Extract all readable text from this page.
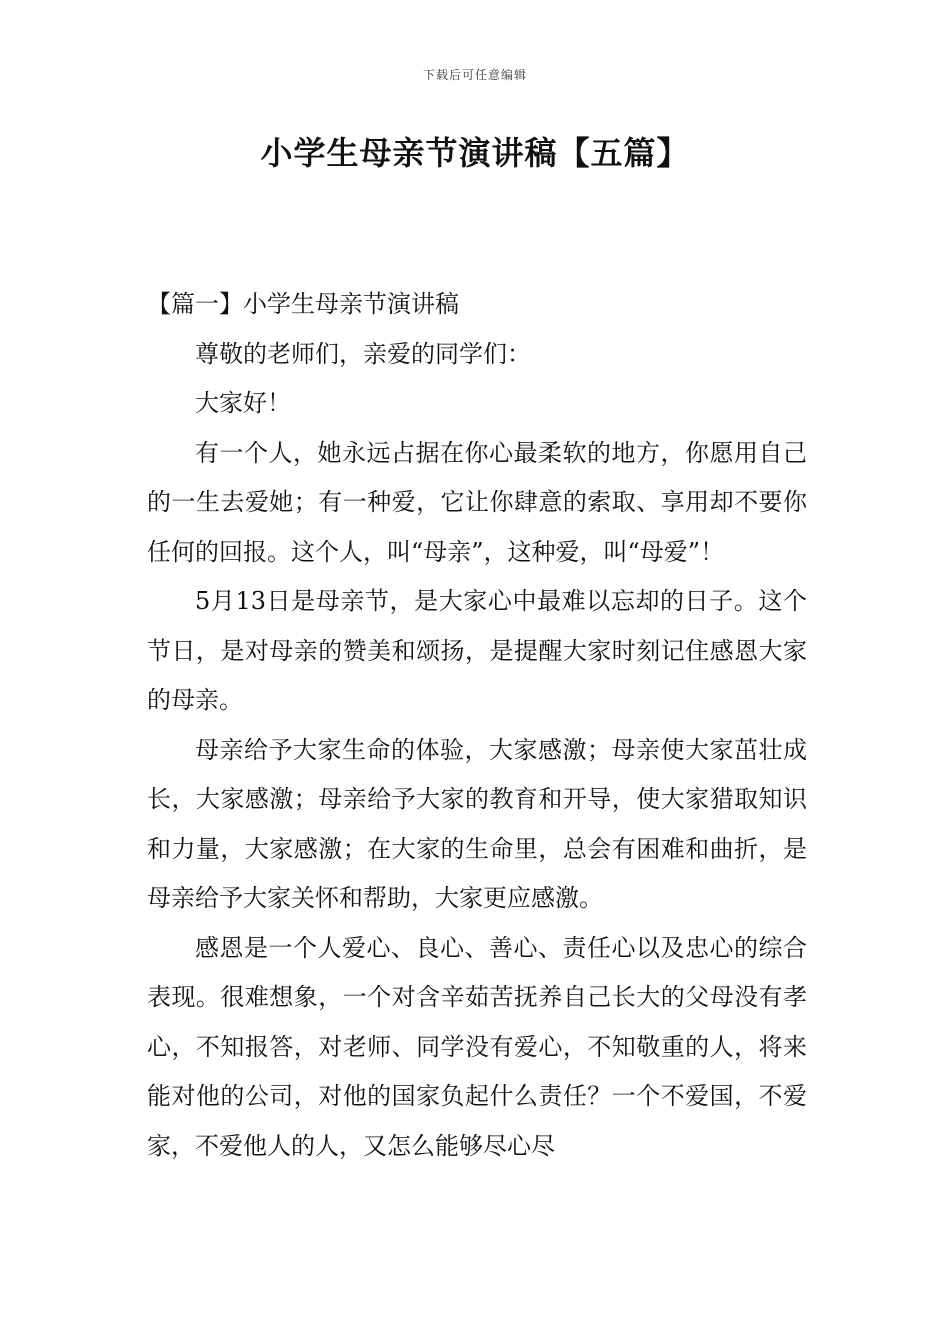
下载后可任意编辑
小学生母亲节演讲稿【五篇】

【篇一】小学生母亲节演讲稿

尊敬的老师们，亲爱的同学们：

大家好！

有一个人，她永远占据在你心最柔软的地方，你愿用自己的一生去爱她；有一种爱，它让你肆意的索取、享用却不要你任何的回报。这个人，叫“母亲”，这种爱，叫“母爱”！

5月13日是母亲节，是大家心中最难以忘却的日子。这个节日，是对母亲的赞美和颂扬，是提醒大家时刻记住感恩大家的母亲。

母亲给予大家生命的体验，大家感激；母亲使大家茁壮成长，大家感激；母亲给予大家的教育和开导，使大家猎取知识和力量，大家感激；在大家的生命里，总会有困难和曲折，是母亲给予大家关怀和帮助，大家更应感激。

感恩是一个人爱心、良心、善心、责任心以及忠心的综合表现。很难想象，一个对含辛茹苦抚养自己长大的父母没有孝心，不知报答，对老师、同学没有爱心，不知敬重的人，将来能对他的公司，对他的国家负起什么责任？一个不爱国，不爱家，不爱他人的人，又怎么能够尽心尽
